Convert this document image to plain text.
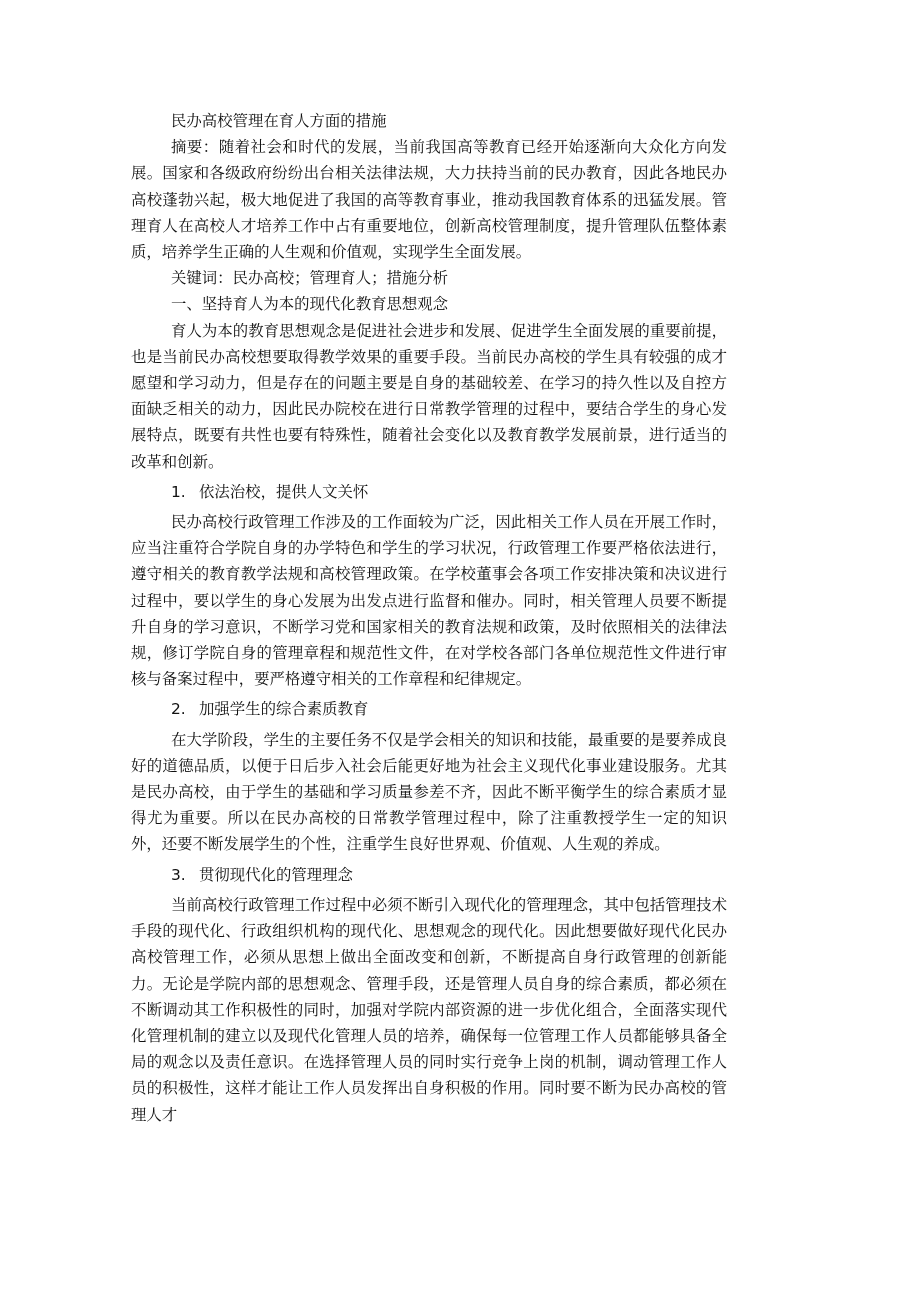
民办高校管理在育人方面的措施

摘要：随着社会和时代的发展，当前我国高等教育已经开始逐渐向大众化方向发展。国家和各级政府纷纷出台相关法律法规，大力扶持当前的民办教育，因此各地民办高校蓬勃兴起，极大地促进了我国的高等教育事业，推动我国教育体系的迅猛发展。管理育人在高校人才培养工作中占有重要地位，创新高校管理制度，提升管理队伍整体素质，培养学生正确的人生观和价值观，实现学生全面发展。

关键词：民办高校；管理育人；措施分析

一、坚持育人为本的现代化教育思想观念

育人为本的教育思想观念是促进社会进步和发展、促进学生全面发展的重要前提，也是当前民办高校想要取得教学效果的重要手段。当前民办高校的学生具有较强的成才愿望和学习动力，但是存在的问题主要是自身的基础较差、在学习的持久性以及自控方面缺乏相关的动力，因此民办院校在进行日常教学管理的过程中，要结合学生的身心发展特点，既要有共性也要有特殊性，随着社会变化以及教育教学发展前景，进行适当的改革和创新。

1. 依法治校，提供人文关怀

民办高校行政管理工作涉及的工作面较为广泛，因此相关工作人员在开展工作时，应当注重符合学院自身的办学特色和学生的学习状况，行政管理工作要严格依法进行，遵守相关的教育教学法规和高校管理政策。在学校董事会各项工作安排决策和决议进行过程中，要以学生的身心发展为出发点进行监督和催办。同时，相关管理人员要不断提升自身的学习意识，不断学习党和国家相关的教育法规和政策，及时依照相关的法律法规，修订学院自身的管理章程和规范性文件，在对学校各部门各单位规范性文件进行审核与备案过程中，要严格遵守相关的工作章程和纪律规定。

2. 加强学生的综合素质教育

在大学阶段，学生的主要任务不仅是学会相关的知识和技能，最重要的是要养成良好的道德品质，以便于日后步入社会后能更好地为社会主义现代化事业建设服务。尤其是民办高校，由于学生的基础和学习质量参差不齐，因此不断平衡学生的综合素质才显得尤为重要。所以在民办高校的日常教学管理过程中，除了注重教授学生一定的知识外，还要不断发展学生的个性，注重学生良好世界观、价值观、人生观的养成。

3. 贯彻现代化的管理理念

当前高校行政管理工作过程中必须不断引入现代化的管理理念，其中包括管理技术手段的现代化、行政组织机构的现代化、思想观念的现代化。因此想要做好现代化民办高校管理工作，必须从思想上做出全面改变和创新，不断提高自身行政管理的创新能力。无论是学院内部的思想观念、管理手段，还是管理人员自身的综合素质，都必须在不断调动其工作积极性的同时，加强对学院内部资源的进一步优化组合，全面落实现代化管理机制的建立以及现代化管理人员的培养，确保每一位管理工作人员都能够具备全局的观念以及责任意识。在选择管理人员的同时实行竞争上岗的机制，调动管理工作人员的积极性，这样才能让工作人员发挥出自身积极的作用。同时要不断为民办高校的管理人才
